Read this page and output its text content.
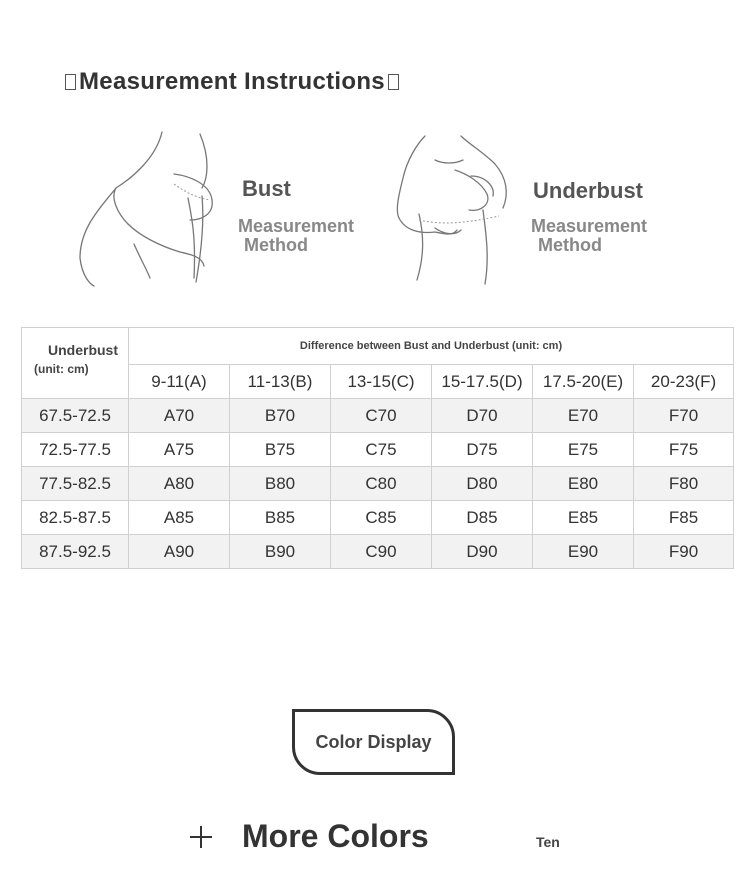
Measurement Instructions
Bust
Measurement
Method
Underbust
Measurement
Method
Underbust
(unit: cm)	Difference between Bust and Underbust (unit: cm)					
	9-11(A)	11-13(B)	13-15(C)	15-17.5(D)	17.5-20(E)	20-23(F)
67.5-72.5	A70	B70	C70	D70	E70	F70
72.5-77.5	A75	B75	C75	D75	E75	F75
77.5-82.5	A80	B80	C80	D80	E80	F80
82.5-87.5	A85	B85	C85	D85	E85	F85
87.5-92.5	A90	B90	C90	D90	E90	F90
Color Display
More Colors	Ten
